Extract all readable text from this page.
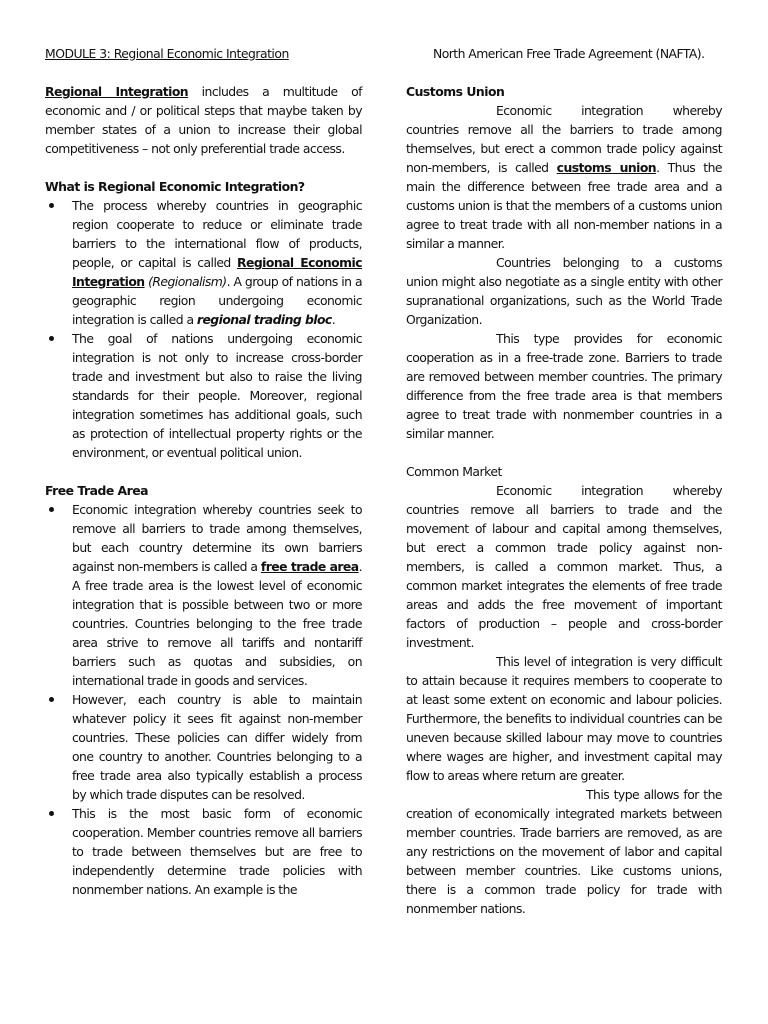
MODULE 3: Regional Economic Integration

Regional Integration includes a multitude of economic and / or political steps that maybe taken by member states of a union to increase their global competitiveness – not only preferential trade access.

What is Regional Economic Integration?
The process whereby countries in geographic region cooperate to reduce or eliminate trade barriers to the international flow of products, people, or capital is called Regional Economic Integration (Regionalism). A group of nations in a geographic region undergoing economic integration is called a regional trading bloc.
The goal of nations undergoing economic integration is not only to increase cross-border trade and investment but also to raise the living standards for their people. Moreover, regional integration sometimes has additional goals, such as protection of intellectual property rights or the environment, or eventual political union.
Free Trade Area
Economic integration whereby countries seek to remove all barriers to trade among themselves, but each country determine its own barriers against non-members is called a free trade area. A free trade area is the lowest level of economic integration that is possible between two or more countries. Countries belonging to the free trade area strive to remove all tariffs and nontariff barriers such as quotas and subsidies, on international trade in goods and services.
However, each country is able to maintain whatever policy it sees fit against non-member countries. These policies can differ widely from one country to another. Countries belonging to a free trade area also typically establish a process by which trade disputes can be resolved.
This is the most basic form of economic cooperation. Member countries remove all barriers to trade between themselves but are free to independently determine trade policies with nonmember nations. An example is the

North American Free Trade Agreement (NAFTA).

Customs Union

Economic integration whereby countries remove all the barriers to trade among themselves, but erect a common trade policy against non-members, is called customs union. Thus the main the difference between free trade area and a customs union is that the members of a customs union agree to treat trade with all non-member nations in a similar a manner.

Countries belonging to a customs union might also negotiate as a single entity with other supranational organizations, such as the World Trade Organization.

This type provides for economic cooperation as in a free-trade zone. Barriers to trade are removed between member countries. The primary difference from the free trade area is that members agree to treat trade with nonmember countries in a similar manner.

Common Market

Economic integration whereby countries remove all barriers to trade and the movement of labour and capital among themselves, but erect a common trade policy against non-members, is called a common market. Thus, a common market integrates the elements of free trade areas and adds the free movement of important factors of production – people and cross-border investment.

This level of integration is very difficult to attain because it requires members to cooperate to at least some extent on economic and labour policies. Furthermore, the benefits to individual countries can be uneven because skilled labour may move to countries where wages are higher, and investment capital may flow to areas where return are greater.

This type allows for the creation of economically integrated markets between member countries. Trade barriers are removed, as are any restrictions on the movement of labor and capital between member countries. Like customs unions, there is a common trade policy for trade with nonmember nations.
